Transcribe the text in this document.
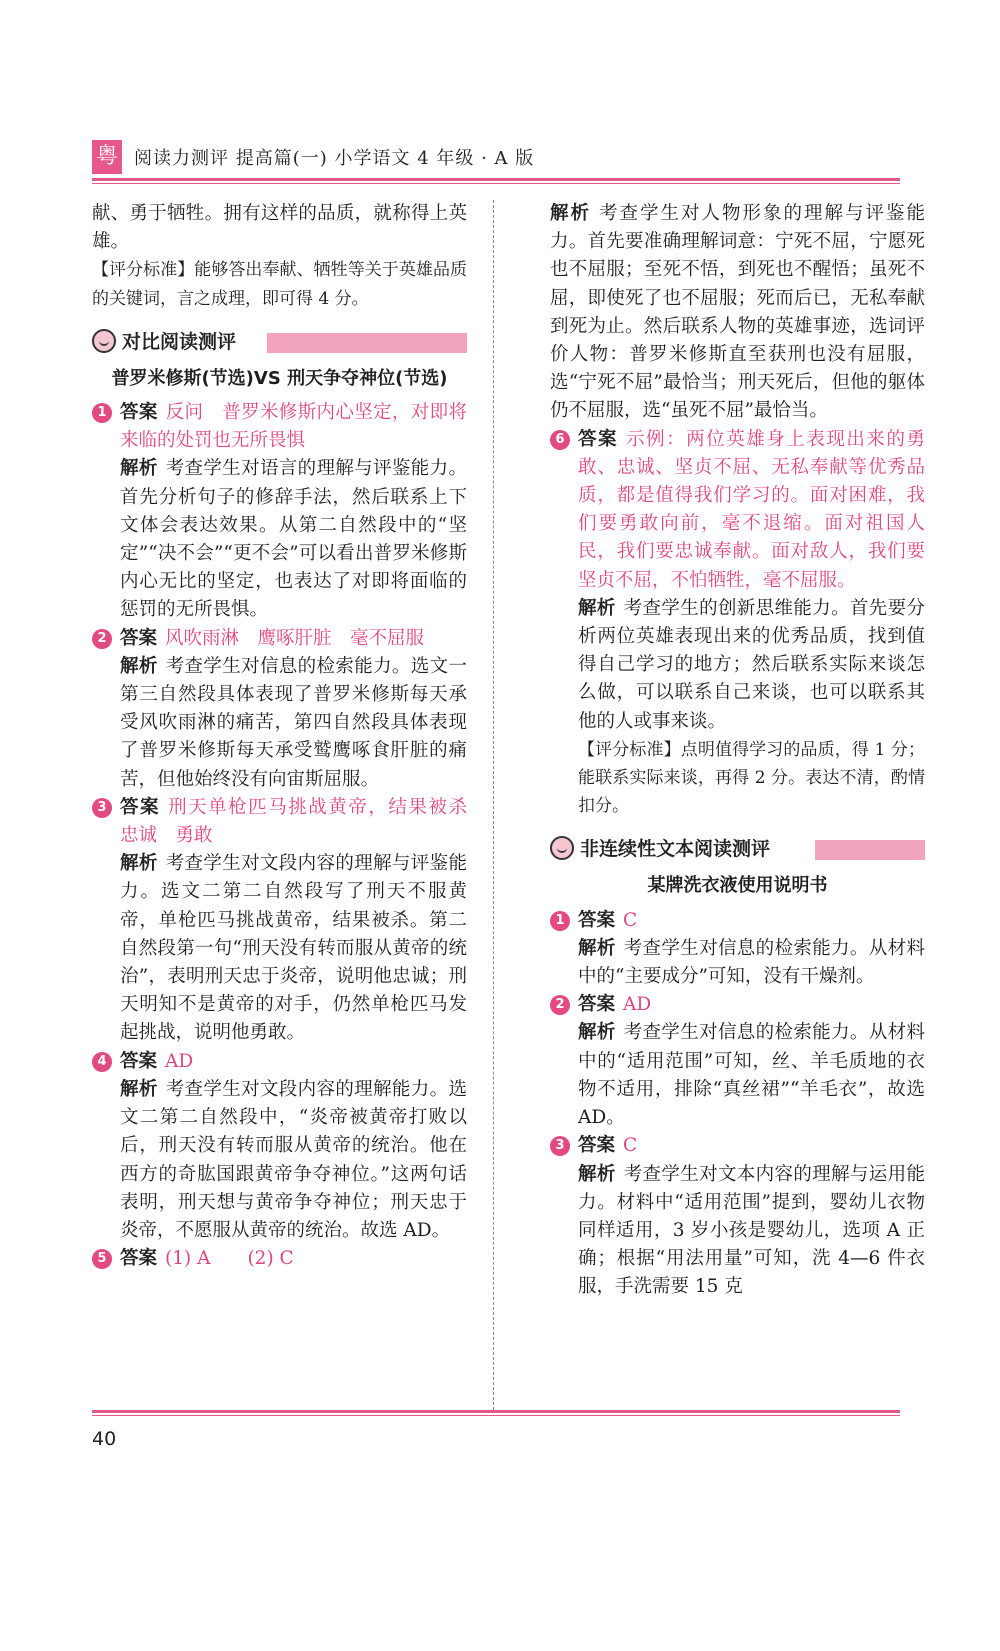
粤 阅读力测评 提高篇(一) 小学语文 4 年级 · A 版

献、勇于牺牲。拥有这样的品质，就称得上英雄。

【评分标准】能够答出奉献、牺牲等关于英雄品质的关键词，言之成理，即可得 4 分。

对比阅读测评
普罗米修斯(节选)VS 刑天争夺神位(节选)
1 答案 反问　普罗米修斯内心坚定，对即将来临的处罚也无所畏惧

解析 考查学生对语言的理解与评鉴能力。首先分析句子的修辞手法，然后联系上下文体会表达效果。从第二自然段中的“坚定”“决不会”“更不会”可以看出普罗米修斯内心无比的坚定，也表达了对即将面临的惩罚的无所畏惧。

2 答案 风吹雨淋　鹰啄肝脏　毫不屈服

解析 考查学生对信息的检索能力。选文一第三自然段具体表现了普罗米修斯每天承受风吹雨淋的痛苦，第四自然段具体表现了普罗米修斯每天承受鹫鹰啄食肝脏的痛苦，但他始终没有向宙斯屈服。

3 答案 刑天单枪匹马挑战黄帝，结果被杀　忠诚　勇敢

解析 考查学生对文段内容的理解与评鉴能力。选文二第二自然段写了刑天不服黄帝，单枪匹马挑战黄帝，结果被杀。第二自然段第一句“刑天没有转而服从黄帝的统治”，表明刑天忠于炎帝，说明他忠诚；刑天明知不是黄帝的对手，仍然单枪匹马发起挑战，说明他勇敢。

4 答案 AD

解析 考查学生对文段内容的理解能力。选文二第二自然段中，“炎帝被黄帝打败以后，刑天没有转而服从黄帝的统治。他在西方的奇肱国跟黄帝争夺神位。”这两句话表明，刑天想与黄帝争夺神位；刑天忠于炎帝，不愿服从黄帝的统治。故选 AD。

5 答案 (1) A　　(2) C

解析 考查学生对人物形象的理解与评鉴能力。首先要准确理解词意：宁死不屈，宁愿死也不屈服；至死不悟，到死也不醒悟；虽死不屈，即使死了也不屈服；死而后已，无私奉献到死为止。然后联系人物的英雄事迹，选词评价人物：普罗米修斯直至获刑也没有屈服，选“宁死不屈”最恰当；刑天死后，但他的躯体仍不屈服，选“虽死不屈”最恰当。

6 答案 示例：两位英雄身上表现出来的勇敢、忠诚、坚贞不屈、无私奉献等优秀品质，都是值得我们学习的。面对困难，我们要勇敢向前，毫不退缩。面对祖国人民，我们要忠诚奉献。面对敌人，我们要坚贞不屈，不怕牺牲，毫不屈服。

解析 考查学生的创新思维能力。首先要分析两位英雄表现出来的优秀品质，找到值得自己学习的地方；然后联系实际来谈怎么做，可以联系自己来谈，也可以联系其他的人或事来谈。

【评分标准】点明值得学习的品质，得 1 分；能联系实际来谈，再得 2 分。表达不清，酌情扣分。

非连续性文本阅读测评
某牌洗衣液使用说明书
1 答案 C

解析 考查学生对信息的检索能力。从材料中的“主要成分”可知，没有干燥剂。

2 答案 AD

解析 考查学生对信息的检索能力。从材料中的“适用范围”可知，丝、羊毛质地的衣物不适用，排除“真丝裙”“羊毛衣”，故选 AD。

3 答案 C

解析 考查学生对文本内容的理解与运用能力。材料中“适用范围”提到，婴幼儿衣物同样适用，3 岁小孩是婴幼儿，选项 A 正确；根据“用法用量”可知，洗 4—6 件衣服，手洗需要 15 克

40
